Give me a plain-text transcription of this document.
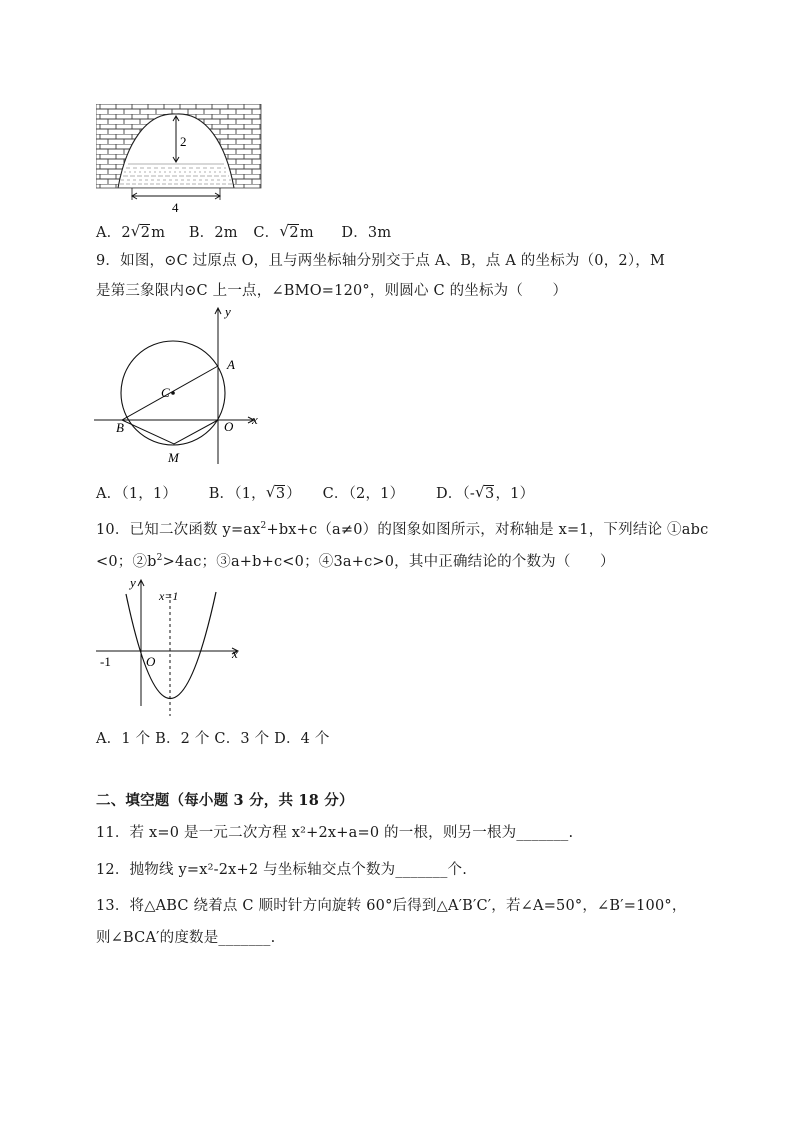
2
4
A．2 √ 2m B．2m C． √ 2m D．3m
9．如图，⊙C 过原点 O，且与两坐标轴分别交于点 A、B，点 A 的坐标为（0，2），M
是第三象限内⊙C 上一点，∠BMO=120°，则圆心 C 的坐标为（　　）
y
x
A
C
B	O
M
A．（1，1） B．（1， √ 3） C．（2，1） D．（- √ 3，1）
10．已知二次函数 $y=ax^2+bx+c(a\ne 0)$的图象如图所示，对称轴是 x=1，下列结论 ①abc
<0；$②b^2>4ac$；③a+b+c<0；④3a+c>0，其中正确结论的个数为（　　）
y
x=1
x
-1	O
A．1 个 B．2 个 C．3 个 D．4 个
二、填空题（每小题 3 分，共 18 分）
11．若 x=0 是一元二次方程 x²+2x+a=0 的一根，则另一根为_______.
12．抛物线 y=x²-2x+2 与坐标轴交点个数为_______个.
13．将△ABC 绕着点 C 顺时针方向旋转 60°后得到△A′B′C′，若∠A=50°，∠B′=100°，
则∠BCA′的度数是_______.
